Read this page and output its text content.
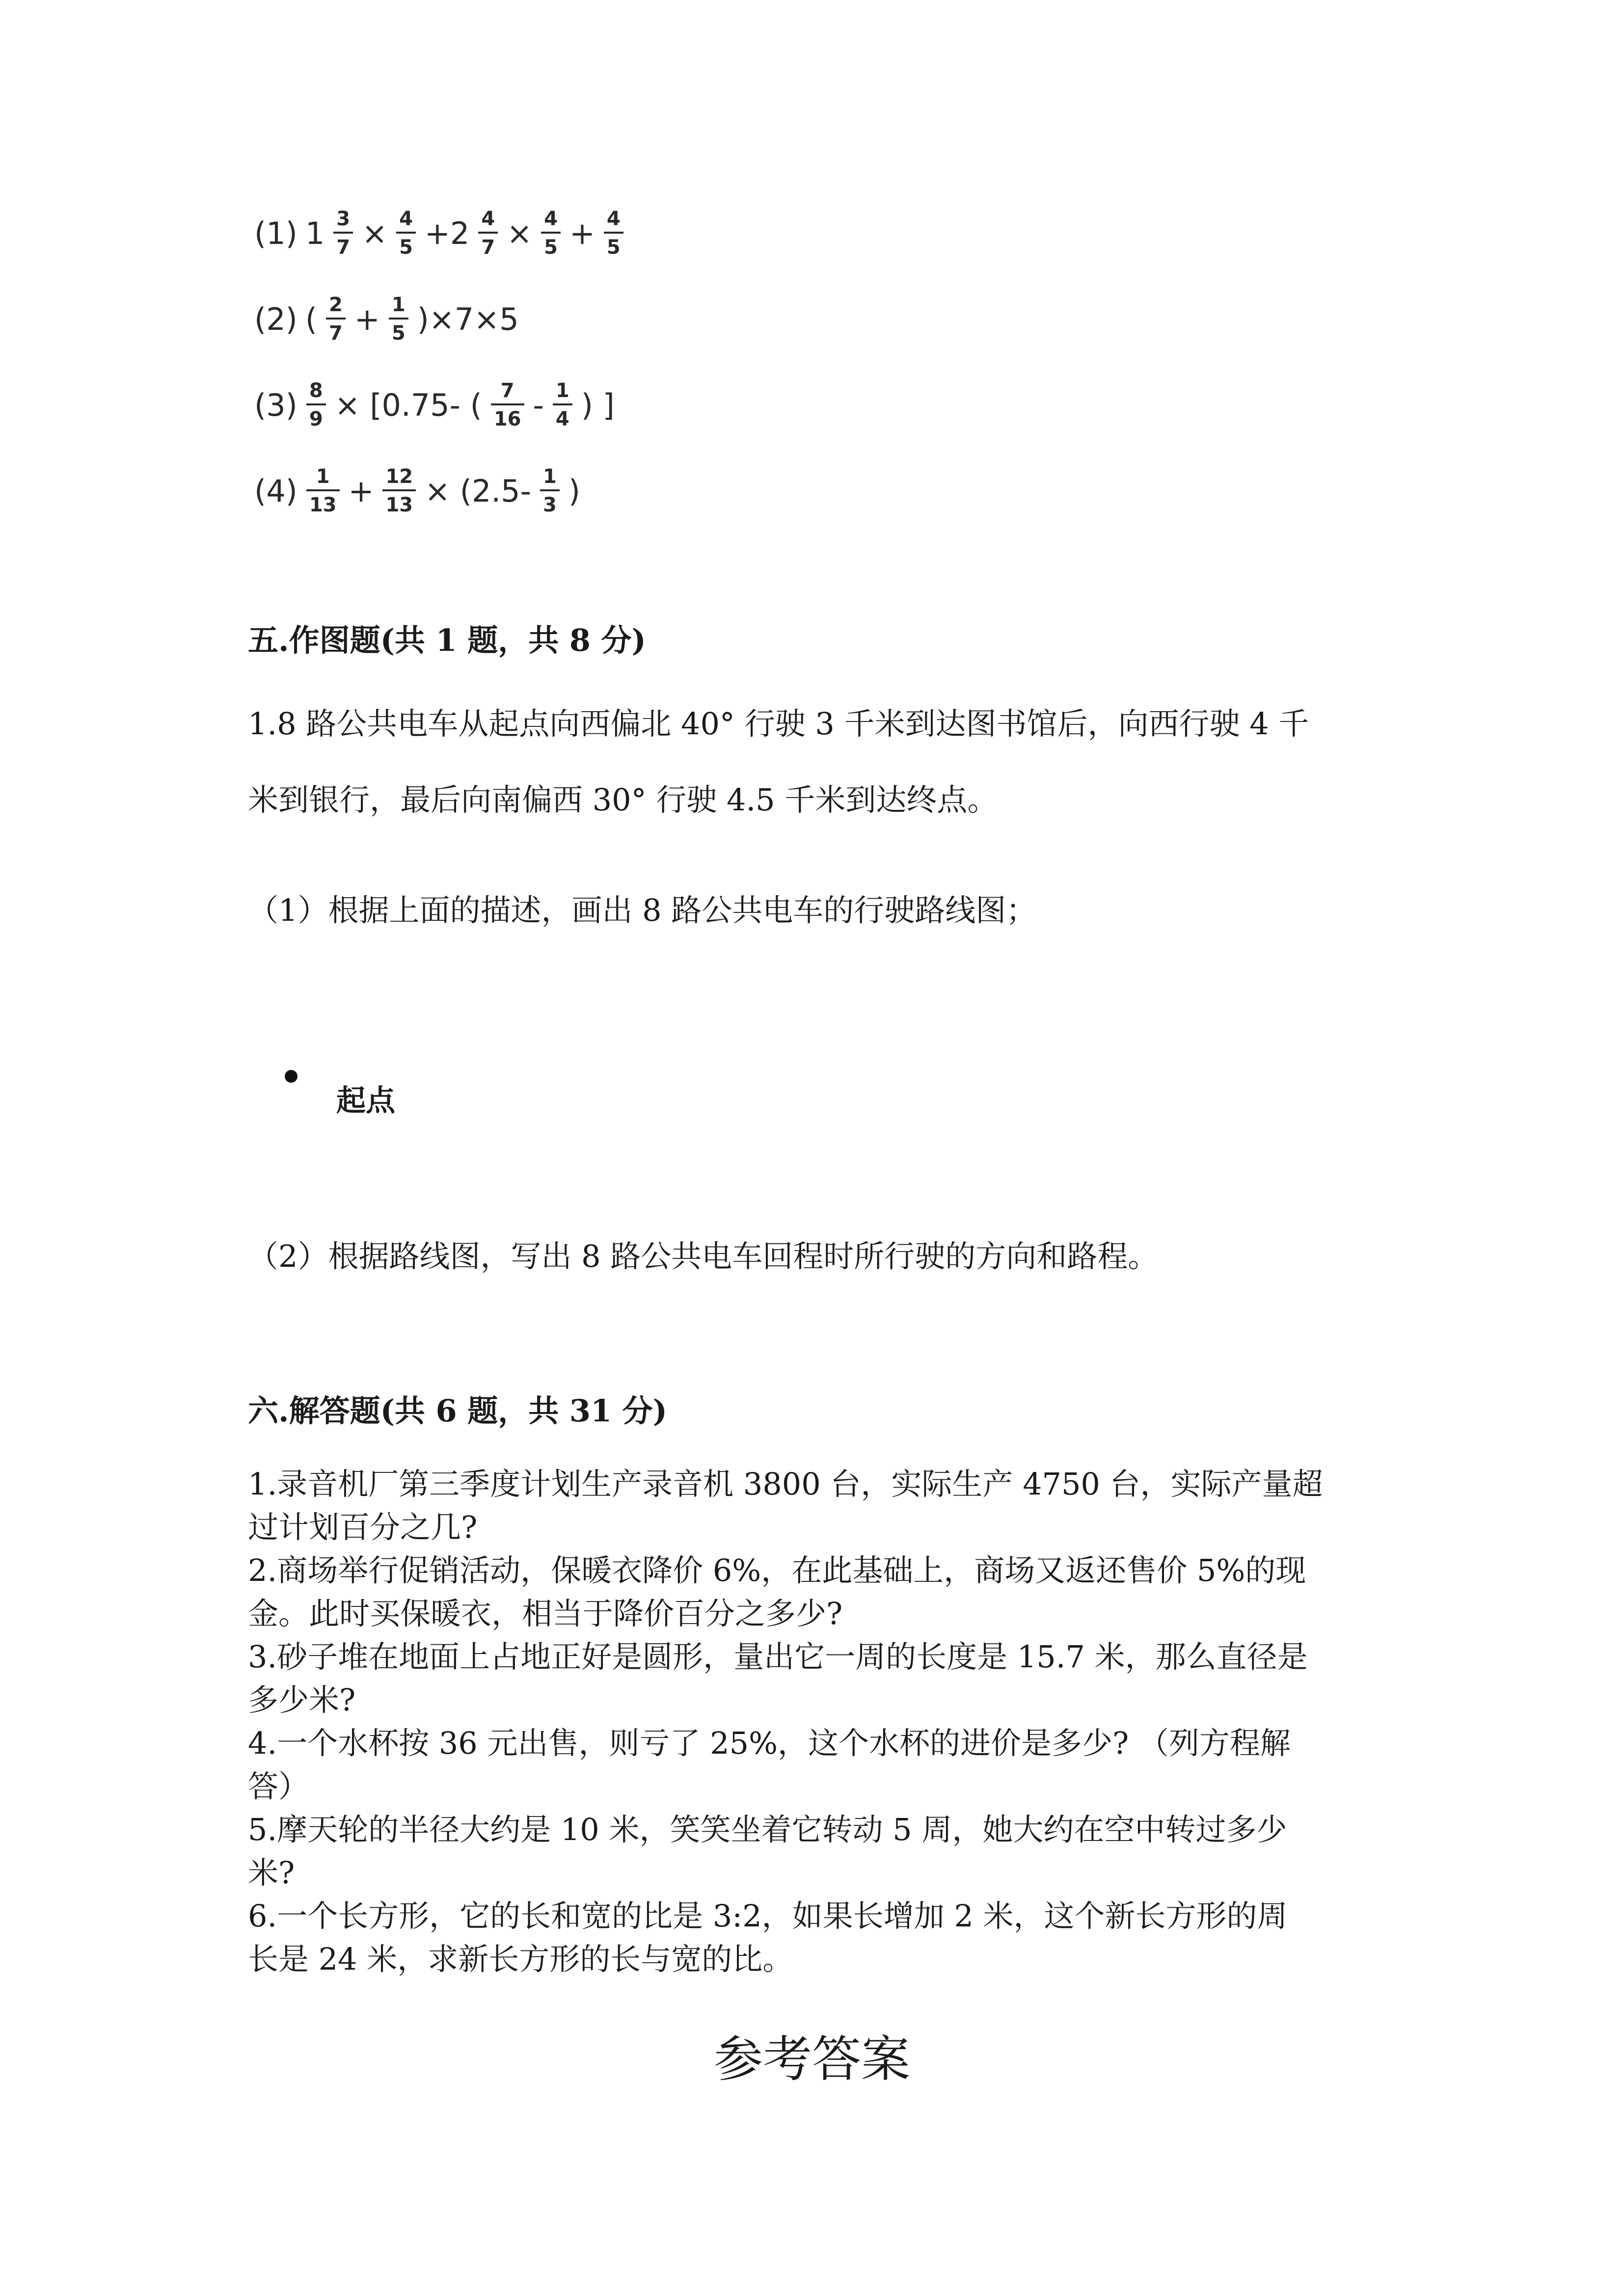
(1) $1 \frac{3}{7} \times \frac{4}{5} +2 \frac{4}{7} \times \frac{4}{5} + \frac{4}{5}$
(2) ( $\frac{2}{7} + \frac{1}{5} )\times 7\times 5$
$(3) \frac{8}{9} \times [0.75-$ ( $\frac{7}{16} - \frac{1}{4}$ ) ]
$(4) \frac{1}{13} + \frac{12}{13} \times (2.5- \frac{1}{3}$ )
五.作图题(共 1 题，共 8 分)
1.8 路公共电车从起点向西偏北 40° 行驶 3 千米到达图书馆后，向西行驶 4 千
米到银行，最后向南偏西 30° 行驶 4.5 千米到达终点。
（1）根据上面的描述，画出 8 路公共电车的行驶路线图；
起点
（2）根据路线图，写出 8 路公共电车回程时所行驶的方向和路程。
六.解答题(共 6 题，共 31 分)
1.录音机厂第三季度计划生产录音机 3800 台，实际生产 4750 台，实际产量超
过计划百分之几?
2.商场举行促销活动，保暖衣降价 6%，在此基础上，商场又返还售价 5%的现
金。此时买保暖衣，相当于降价百分之多少?
3.砂子堆在地面上占地正好是圆形，量出它一周的长度是 15.7 米，那么直径是
多少米?
4.一个水杯按 36 元出售，则亏了 25%，这个水杯的进价是多少? （列方程解
答）
5.摩天轮的半径大约是 10 米，笑笑坐着它转动 5 周，她大约在空中转过多少
米?
6.一个长方形，它的长和宽的比是 3:2，如果长增加 2 米，这个新长方形的周
长是 24 米，求新长方形的长与宽的比。
参考答案
